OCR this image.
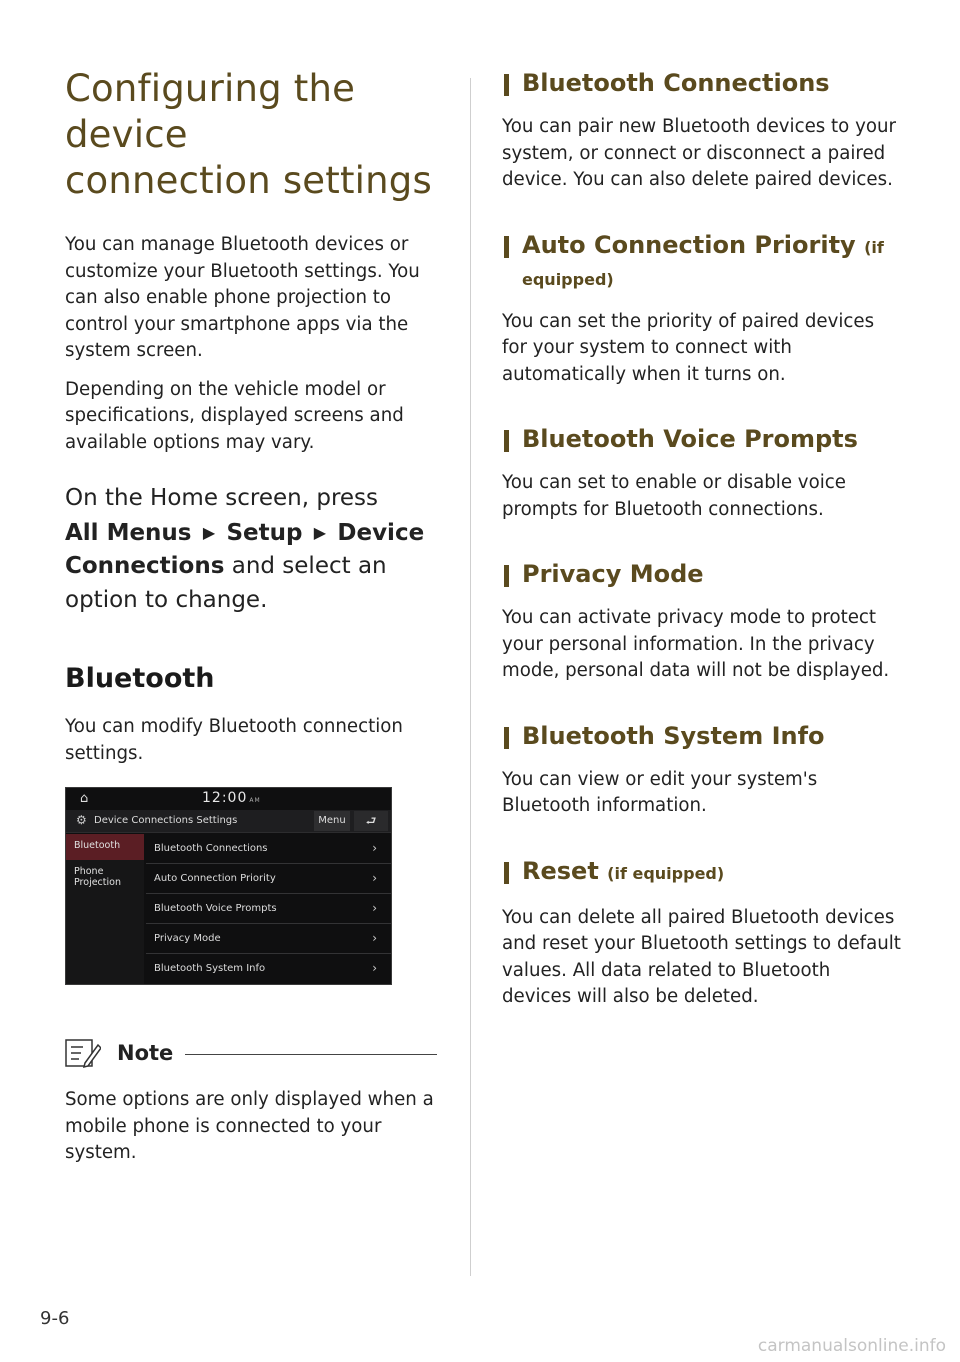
Configuring the device
connection settings

You can manage Bluetooth devices or customize your Bluetooth settings. You can also enable phone projection to control your smartphone apps via the system screen.

Depending on the vehicle model or specifications, displayed screens and available options may vary.

On the Home screen, press
All Menus ▶ Setup ▶ Device Connections and select an option to change.
Bluetooth

You can modify Bluetooth connection settings.

⌂	12:00 AM
⚙ Device Connections Settings	Menu	⮐
Bluetooth
Phone
Projection
Bluetooth Connections	›
Auto Connection Priority	›
Bluetooth Voice Prompts	›
Privacy Mode	›
Bluetooth System Info	›
Note

Some options are only displayed when a mobile phone is connected to your system.

Bluetooth Connections

You can pair new Bluetooth devices to your system, or connect or disconnect a paired device. You can also delete paired devices.

Auto Connection Priority (if
equipped)

You can set the priority of paired devices for your system to connect with automatically when it turns on.

Bluetooth Voice Prompts

You can set to enable or disable voice prompts for Bluetooth connections.

Privacy Mode

You can activate privacy mode to protect your personal information. In the privacy mode, personal data will not be displayed.

Bluetooth System Info

You can view or edit your system's Bluetooth information.

Reset (if equipped)

You can delete all paired Bluetooth devices and reset your Bluetooth settings to default values. All data related to Bluetooth devices will also be deleted.

9-6
carmanualsonline.info
